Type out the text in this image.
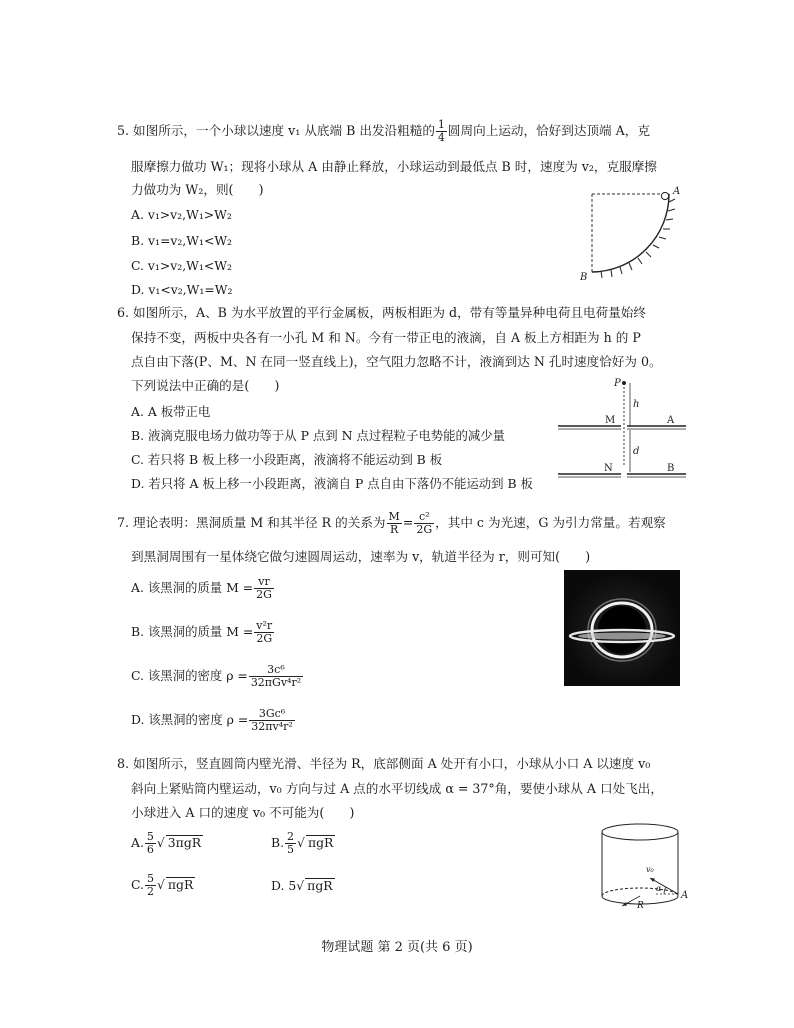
5. 如图所示，一个小球以速度 v₁ 从底端 B 出发沿粗糙的 $\frac{1}{4}$ 圆周向上运动，恰好到达顶端 A，克
服摩擦力做功 W₁；现将小球从 A 由静止释放，小球运动到最低点 B 时，速度为 v₂，克服摩擦
力做功为 W₂，则(　　)
A. v₁>v₂,W₁>W₂
B. v₁=v₂,W₁<W₂
C. v₁>v₂,W₁<W₂
D. v₁<v₂,W₁=W₂
A
B
6. 如图所示，A、B 为水平放置的平行金属板，两板相距为 d，带有等量异种电荷且电荷量始终
保持不变，两板中央各有一小孔 M 和 N。今有一带正电的液滴，自 A 板上方相距为 h 的 P
点自由下落(P、M、N 在同一竖直线上)，空气阻力忽略不计，液滴到达 N 孔时速度恰好为 0。
下列说法中正确的是(　　)
A. A 板带正电
B. 液滴克服电场力做功等于从 P 点到 N 点过程粒子电势能的减少量
C. 若只将 B 板上移一小段距离，液滴将不能运动到 B 板
D. 若只将 A 板上移一小段距离，液滴自 P 点自由下落仍不能运动到 B 板
P
h
M	A
d
N	B
7. 理论表明：黑洞质量 M 和其半径 R 的关系为 $\frac{M}{R} = \frac{\text{c²}}{2G}$ ，其中 c 为光速，G 为引力常量。若观察
到黑洞周围有一星体绕它做匀速圆周运动，速率为 v，轨道半径为 r，则可知(　　)
A. 该黑洞的质量 $M = \frac{vr}{2G}$
B. 该黑洞的质量 $M = \frac{\text{v²r}}{2G}$
C. 该黑洞的密度 $\rho = \frac{\text{3c⁶}}{\text{32πGv⁴r²}}$
D. 该黑洞的密度 $\rho = \frac{\text{3Gc⁶}}{\text{32πv⁴r²}}$
8. 如图所示，竖直圆筒内壁光滑、半径为 R，底部侧面 A 处开有小口，小球从小口 A 以速度 v₀
斜向上紧贴筒内壁运动，v₀ 方向与过 A 点的水平切线成 α = 37°角，要使小球从 A 口处飞出，
小球进入 A 口的速度 v₀ 不可能为(　　)
A. $\frac{5}{6}$ √ 3πgR	B. $\frac{2}{5}$ √ πgR
C. $\frac{5}{2}$ √ πgR	D. 5√ πgR
v₀
α
A
R
物理试题 第 2 页(共 6 页)
